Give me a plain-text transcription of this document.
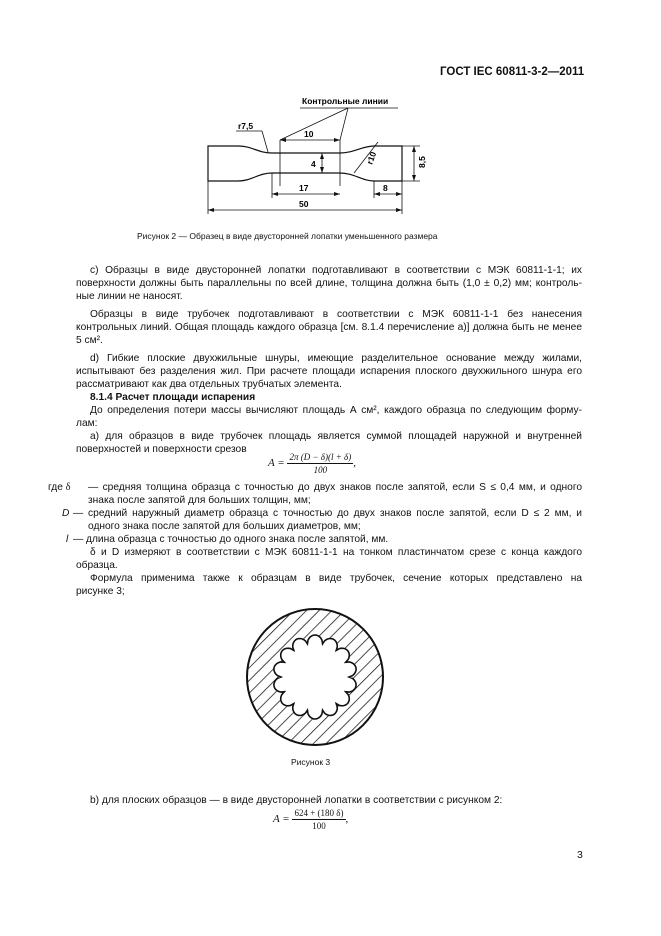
ГОСТ IEC 60811-3-2—2011
Контрольные линии
r7,5
10
4	r10	8,5
17	8
50
Рисунок 2 — Образец в виде двусторонней лопатки уменьшенного размера
с) Образцы в виде двусторонней лопатки подготавливают в соответствии с МЭК 60811-1-1; их
поверхности должны быть параллельны по всей длине, толщина должна быть (1,0 ± 0,2) мм; контроль-
ные линии не наносят.
Образцы в виде трубочек подготавливают в соответствии с МЭК 60811-1-1 без нанесения
контрольных линий. Общая площадь каждого образца [см. 8.1.4 перечисление а)] должна быть не менее
5 см².
d) Гибкие плоские двухжильные шнуры, имеющие разделительное основание между жилами,
испытывают без разделения жил. При расчете площади испарения плоского двухжильного шнура его
рассматривают как два отдельных трубчатых элемента.
8.1.4 Расчет площади испарения
До определения потери массы вычисляют площадь А см², каждого образца по следующим форму-
лам:
а) для образцов в виде трубочек площадь является суммой площадей наружной и внутренней
поверхностей и поверхности срезов
$A = \frac{2\pi (D - \delta)(l + \delta)}{100}$ ,
где δ — средняя толщина образца с точностью до двух знаков после запятой, если S ≤ 0,4 мм, и одного
знака после запятой для больших толщин, мм;
D — средний наружный диаметр образца с точностью до двух знаков после запятой, если D ≤ 2 мм, и
одного знака после запятой для больших диаметров, мм;
l — длина образца с точностью до одного знака после запятой, мм.
δ и D измеряют в соответствии с МЭК 60811-1-1 на тонком пластинчатом срезе с конца каждого
образца.
Формула применима также к образцам в виде трубочек, сечение которых представлено на
рисунке 3;
Рисунок 3
b) для плоских образцов — в виде двусторонней лопатки в соответствии с рисунком 2:
$A = \frac{624 + (180 \delta)}{100}$ ,
3
